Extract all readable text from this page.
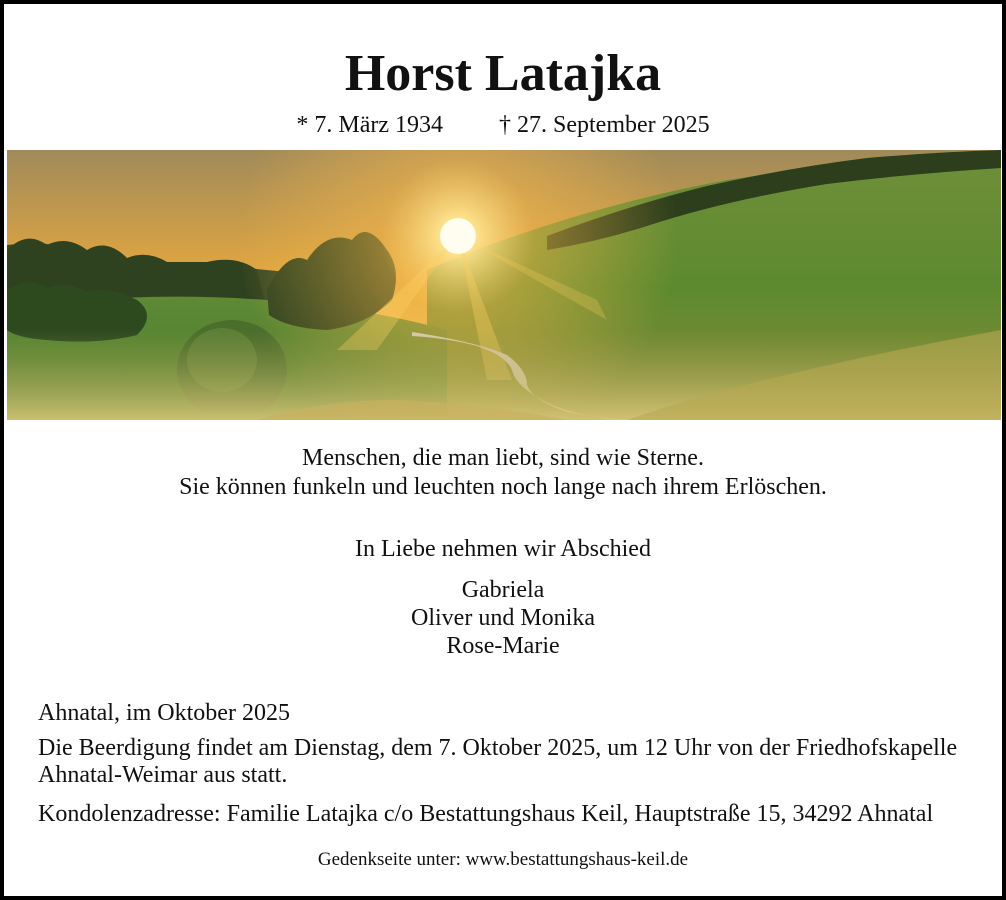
Horst Latajka
* 7. März 1934 † 27. September 2025
Menschen, die man liebt, sind wie Sterne.
Sie können funkeln und leuchten noch lange nach ihrem Erlöschen.
In Liebe nehmen wir Abschied
Gabriela
Oliver und Monika
Rose-Marie
Ahnatal, im Oktober 2025
Die Beerdigung findet am Dienstag, dem 7. Oktober 2025, um 12 Uhr von der Friedhofskapelle Ahnatal-Weimar aus statt.
Kondolenzadresse: Familie Latajka c/o Bestattungshaus Keil, Hauptstraße 15, 34292 Ahnatal
Gedenkseite unter: www.bestattungshaus-keil.de
